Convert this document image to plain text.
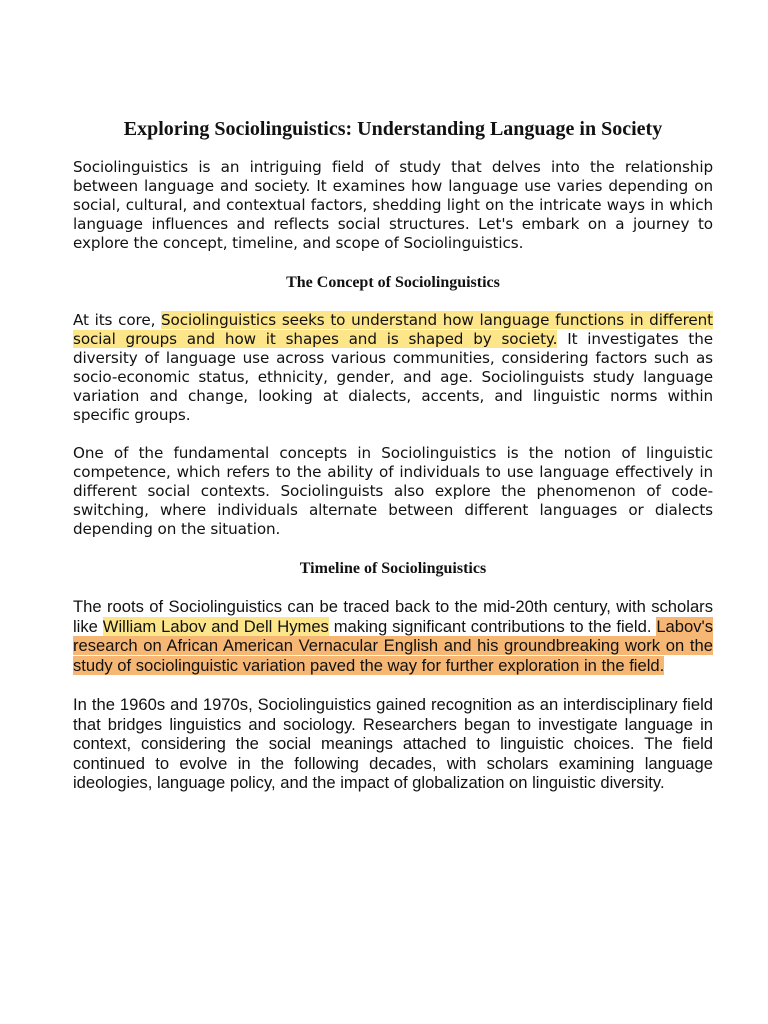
Exploring Sociolinguistics: Understanding Language in Society

Sociolinguistics is an intriguing field of study that delves into the relationship between language and society. It examines how language use varies depending on social, cultural, and contextual factors, shedding light on the intricate ways in which language influences and reflects social structures. Let's embark on a journey to explore the concept, timeline, and scope of Sociolinguistics.

The Concept of Sociolinguistics

At its core, Sociolinguistics seeks to understand how language functions in different social groups and how it shapes and is shaped by society. It investigates the diversity of language use across various communities, considering factors such as socio-economic status, ethnicity, gender, and age. Sociolinguists study language variation and change, looking at dialects, accents, and linguistic norms within specific groups.

One of the fundamental concepts in Sociolinguistics is the notion of linguistic competence, which refers to the ability of individuals to use language effectively in different social contexts. Sociolinguists also explore the phenomenon of code-switching, where individuals alternate between different languages or dialects depending on the situation.

Timeline of Sociolinguistics

The roots of Sociolinguistics can be traced back to the mid-20th century, with scholars like William Labov and Dell Hymes making significant contributions to the field. Labov's research on African American Vernacular English and his groundbreaking work on the study of sociolinguistic variation paved the way for further exploration in the field.

In the 1960s and 1970s, Sociolinguistics gained recognition as an interdisciplinary field that bridges linguistics and sociology. Researchers began to investigate language in context, considering the social meanings attached to linguistic choices. The field continued to evolve in the following decades, with scholars examining language ideologies, language policy, and the impact of globalization on linguistic diversity.
